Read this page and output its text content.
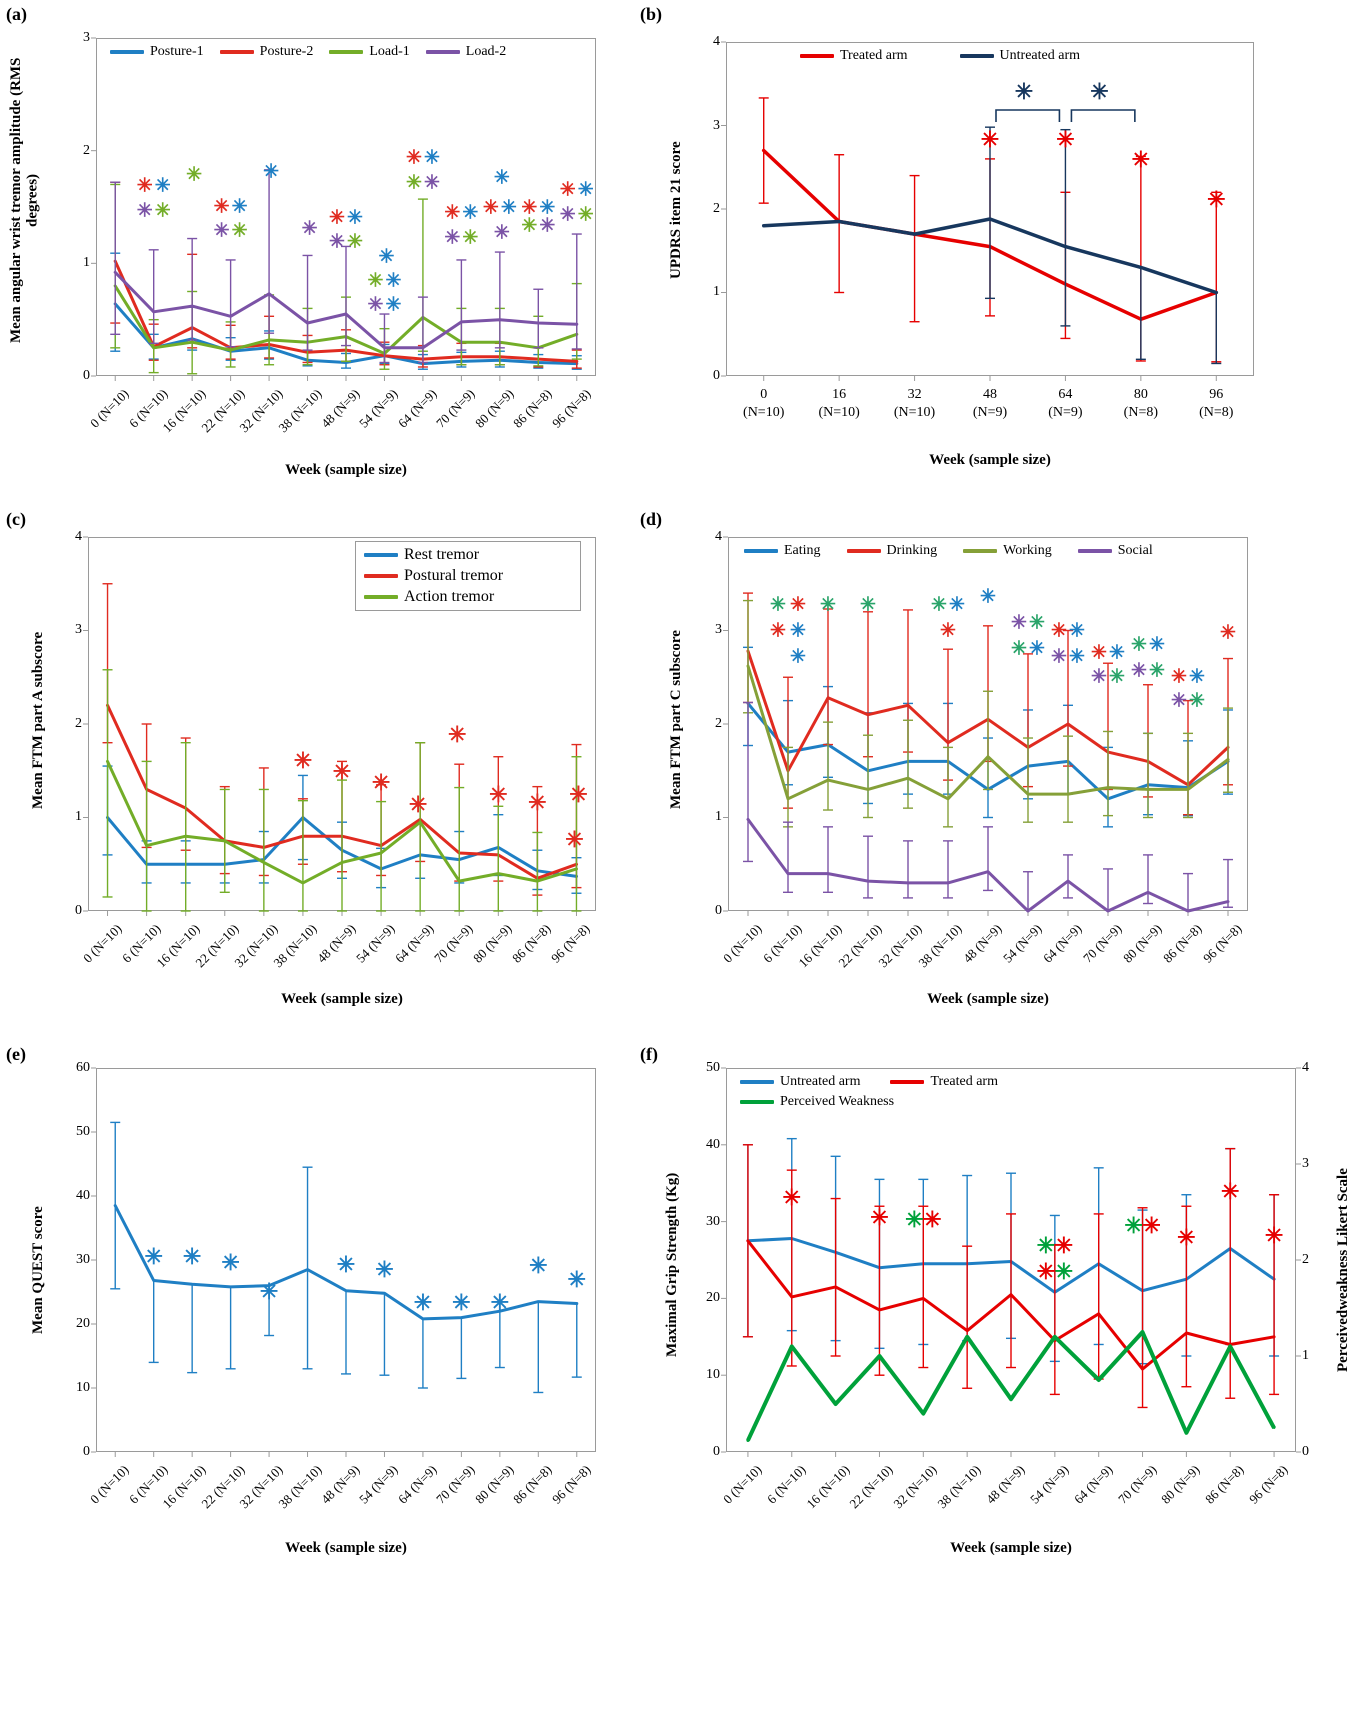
(a)
Mean angular wrist tremor amplitude (RMS degrees)
0
1
2
3
Posture-1	Posture-2	Load-1	Load-2
Week (sample size)
0 (N=10)
6 (N=10)
16 (N=10)
22 (N=10)
32 (N=10)
38 (N=10)
48 (N=9)
54 (N=9)
64 (N=9)
70 (N=9)
80 (N=9)
86 (N=8)
96 (N=8)
✳ ✳
✳ ✳
✳
✳ ✳
✳ ✳
✳
✳
✳ ✳
✳ ✳
✳
✳ ✳
✳ ✳
✳ ✳
✳ ✳
✳ ✳
✳ ✳
✳
✳ ✳
✳
✳ ✳
✳ ✳
✳ ✳
✳ ✳
(b)
UPDRS item 21 score
0
1
2
3
4
Treated arm	Untreated arm
Week (sample size)
0
(N=10)
16
(N=10)
32
(N=10)
48
(N=9)
64
(N=9)
80
(N=8)
96
(N=8)
✳	✳
✳
✳
✳	✳
(c)
Mean FTM part A subscore
0
1
2
3
4
Rest tremor
Postural tremor
Action tremor
Week (sample size)
0 (N=10)
6 (N=10)
16 (N=10)
22 (N=10)
32 (N=10)
38 (N=10)
48 (N=9)
54 (N=9)
64 (N=9)
70 (N=9)
80 (N=9)
86 (N=8)
96 (N=8)
✳ ✳ ✳
✳
✳
✳ ✳
✳
✳
(d)
Mean FTM part C subscore
0
1
2
3
4
Eating	Drinking	Working	Social
Week (sample size)
0 (N=10)
6 (N=10)
16 (N=10)
22 (N=10)
32 (N=10)
38 (N=10)
48 (N=9)
54 (N=9)
64 (N=9)
70 (N=9)
80 (N=9)
86 (N=8)
96 (N=8)
✳ ✳
✳ ✳
✳
✳ ✳	✳ ✳
✳
✳
✳ ✳
✳ ✳
✳ ✳
✳ ✳ ✳ ✳
✳ ✳
✳ ✳
✳ ✳ ✳ ✳
✳ ✳
✳
(e)
Mean QUEST score
0
10
20
30
40
50
60
Week (sample size)
0 (N=10)
6 (N=10)
16 (N=10)
22 (N=10)
32 (N=10)
38 (N=10)
48 (N=9)
54 (N=9)
64 (N=9)
70 (N=9)
80 (N=9)
86 (N=8)
96 (N=8)
✳ ✳ ✳
✳
✳ ✳
✳ ✳ ✳
✳
✳
(f)
Maximal Grip Strength (Kg)	Perceivedweakness Likert Scale
0
10
20
30
40
50
0
1
2
3
4
Untreated arm	Treated arm
Perceived Weakness
Week (sample size)
0 (N=10) 6 (N=10)
16 (N=10)
22 (N=10)
32 (N=10)
38 (N=10) 48 (N=9) 54 (N=9) 64 (N=9) 70 (N=9) 80 (N=9) 86 (N=8) 96 (N=8)
✳
✳ ✳ ✳
✳ ✳
✳ ✳
✳ ✳ ✳
✳
✳
